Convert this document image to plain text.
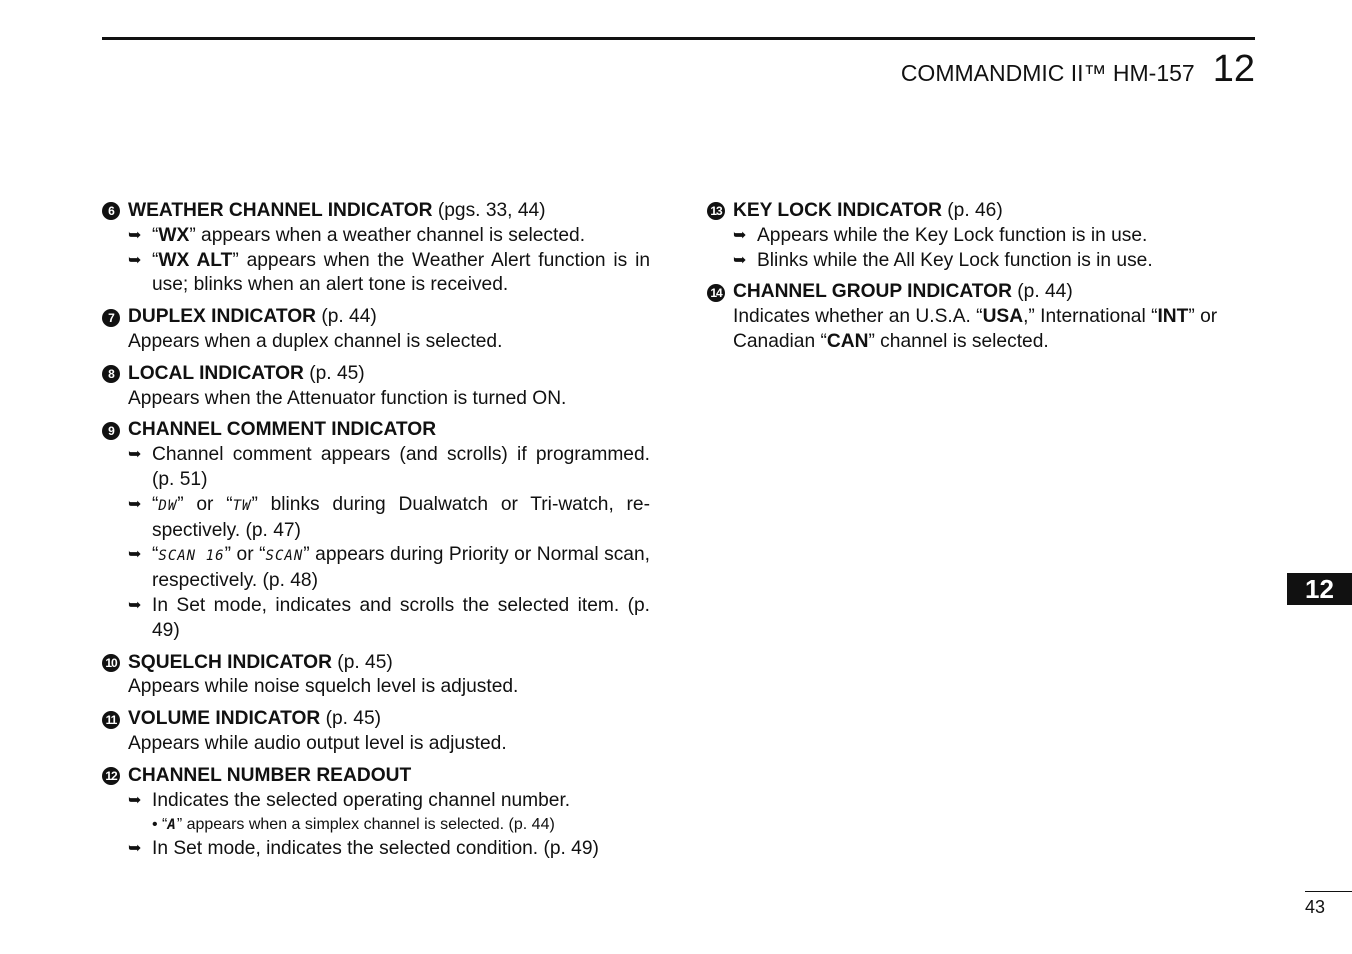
COMMANDMIC II™ HM-157 12
6 WEATHER CHANNEL INDICATOR (pgs. 33, 44)
➥ “WX” appears when a weather channel is selected.
➥ “WX ALT” appears when the Weather Alert function is in use; blinks when an alert tone is received.
7 DUPLEX INDICATOR (p. 44)
Appears when a duplex channel is selected.
8 LOCAL INDICATOR (p. 45)
Appears when the Attenuator function is turned ON.
9 CHANNEL COMMENT INDICATOR
➥ Channel comment appears (and scrolls) if programmed. (p. 51)
➥ “DW” or “TW” blinks during Dualwatch or Tri-watch, re-spectively. (p. 47)
➥ “SCAN 16” or “SCAN” appears during Priority or Normal scan, respectively. (p. 48)
➥ In Set mode, indicates and scrolls the selected item. (p. 49)
10 SQUELCH INDICATOR (p. 45)
Appears while noise squelch level is adjusted.
11 VOLUME INDICATOR (p. 45)
Appears while audio output level is adjusted.
12 CHANNEL NUMBER READOUT
➥ Indicates the selected operating channel number.
• “A” appears when a simplex channel is selected. (p. 44)
➥ In Set mode, indicates the selected condition. (p. 49)
13 KEY LOCK INDICATOR (p. 46)
➥ Appears while the Key Lock function is in use.
➥ Blinks while the All Key Lock function is in use.
14 CHANNEL GROUP INDICATOR (p. 44)
Indicates whether an U.S.A. “USA,” International “INT” or Canadian “CAN” channel is selected.
12
43
